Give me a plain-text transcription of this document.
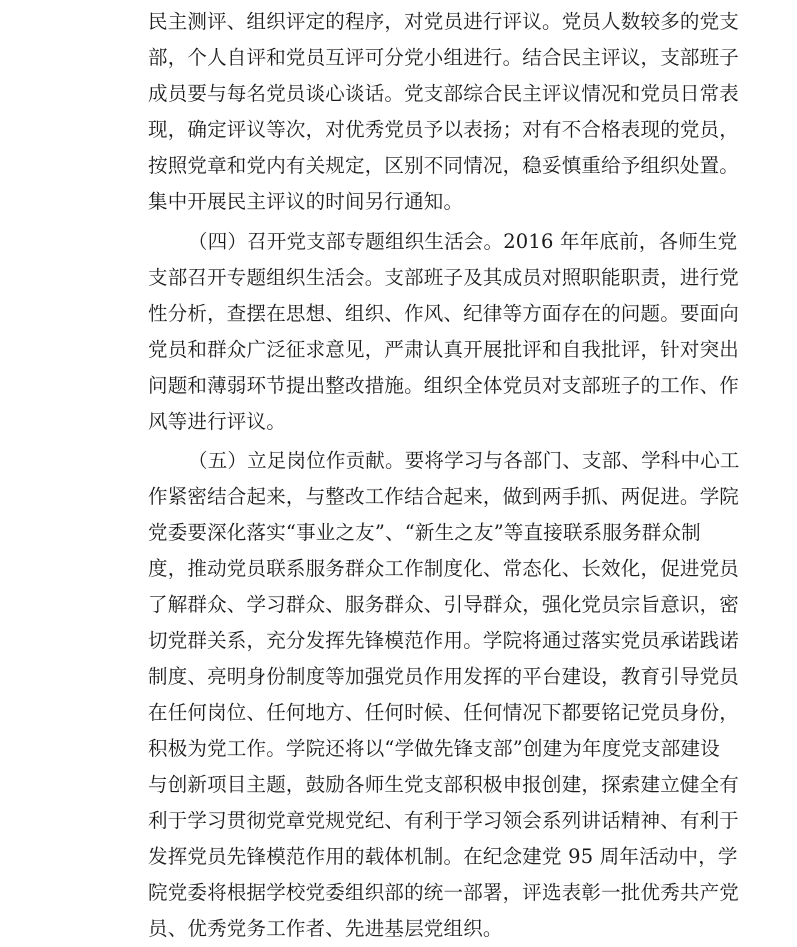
民主测评、组织评定的程序，对党员进行评议。党员人数较多的党支
部，个人自评和党员互评可分党小组进行。结合民主评议，支部班子
成员要与每名党员谈心谈话。党支部综合民主评议情况和党员日常表
现，确定评议等次，对优秀党员予以表扬；对有不合格表现的党员，
按照党章和党内有关规定，区别不同情况，稳妥慎重给予组织处置。
集中开展民主评议的时间另行通知。
（四）召开党支部专题组织生活会。2016 年年底前，各师生党
支部召开专题组织生活会。支部班子及其成员对照职能职责，进行党
性分析，查摆在思想、组织、作风、纪律等方面存在的问题。要面向
党员和群众广泛征求意见，严肃认真开展批评和自我批评，针对突出
问题和薄弱环节提出整改措施。组织全体党员对支部班子的工作、作
风等进行评议。
（五）立足岗位作贡献。要将学习与各部门、支部、学科中心工
作紧密结合起来，与整改工作结合起来，做到两手抓、两促进。学院
党委要深化落实“事业之友”、“新生之友”等直接联系服务群众制
度，推动党员联系服务群众工作制度化、常态化、长效化，促进党员
了解群众、学习群众、服务群众、引导群众，强化党员宗旨意识，密
切党群关系，充分发挥先锋模范作用。学院将通过落实党员承诺践诺
制度、亮明身份制度等加强党员作用发挥的平台建设，教育引导党员
在任何岗位、任何地方、任何时候、任何情况下都要铭记党员身份，
积极为党工作。学院还将以“学做先锋支部”创建为年度党支部建设
与创新项目主题，鼓励各师生党支部积极申报创建，探索建立健全有
利于学习贯彻党章党规党纪、有利于学习领会系列讲话精神、有利于
发挥党员先锋模范作用的载体机制。在纪念建党 95 周年活动中，学
院党委将根据学校党委组织部的统一部署，评选表彰一批优秀共产党
员、优秀党务工作者、先进基层党组织。
